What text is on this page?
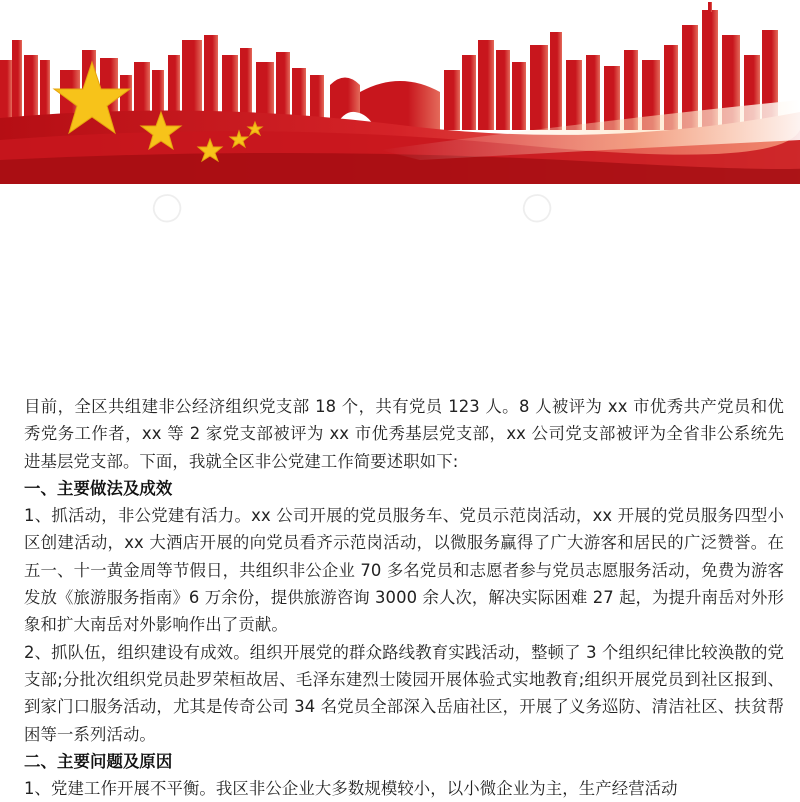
◯	◯

目前，全区共组建非公经济组织党支部 18 个，共有党员 123 人。8 人被评为 xx 市优秀共产党员和优秀党务工作者，xx 等 2 家党支部被评为 xx 市优秀基层党支部，xx 公司党支部被评为全省非公系统先进基层党支部。下面，我就全区非公党建工作简要述职如下:

一、主要做法及成效

1、抓活动，非公党建有活力。xx 公司开展的党员服务车、党员示范岗活动，xx 开展的党员服务四型小区创建活动，xx 大酒店开展的向党员看齐示范岗活动，以微服务赢得了广大游客和居民的广泛赞誉。在五一、十一黄金周等节假日，共组织非公企业 70 多名党员和志愿者参与党员志愿服务活动，免费为游客发放《旅游服务指南》6 万余份，提供旅游咨询 3000 余人次，解决实际困难 27 起，为提升南岳对外形象和扩大南岳对外影响作出了贡献。

2、抓队伍，组织建设有成效。组织开展党的群众路线教育实践活动，整顿了 3 个组织纪律比较涣散的党支部;分批次组织党员赴罗荣桓故居、毛泽东建烈士陵园开展体验式实地教育;组织开展党员到社区报到、到家门口服务活动，尤其是传奇公司 34 名党员全部深入岳庙社区，开展了义务巡防、清洁社区、扶贫帮困等一系列活动。

二、主要问题及原因

1、党建工作开展不平衡。我区非公企业大多数规模较小，以小微企业为主，生产经营活动
